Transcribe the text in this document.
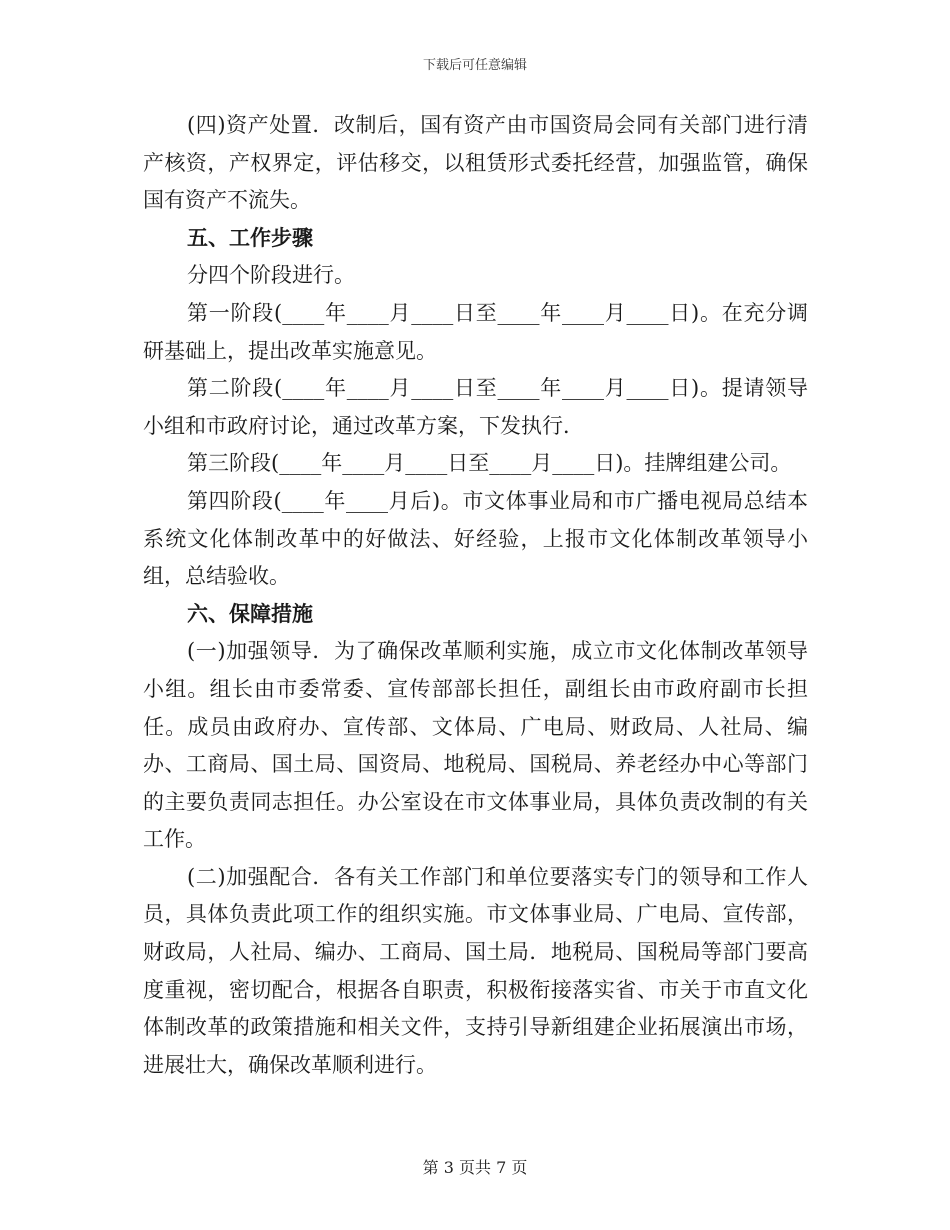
下载后可任意编辑

(四)资产处置．改制后，国有资产由市国资局会同有关部门进行清产核资，产权界定，评估移交，以租赁形式委托经营，加强监管，确保国有资产不流失。

五、工作步骤

分四个阶段进行。

第一阶段(____年____月____日至____年____月____日)。在充分调研基础上，提出改革实施意见。

第二阶段(____年____月____日至____年____月____日)。提请领导小组和市政府讨论，通过改革方案，下发执行．

第三阶段(____年____月____日至____月____日)。挂牌组建公司。

第四阶段(____年____月后)。市文体事业局和市广播电视局总结本系统文化体制改革中的好做法、好经验，上报市文化体制改革领导小组，总结验收。

六、保障措施

(一)加强领导．为了确保改革顺利实施，成立市文化体制改革领导小组。组长由市委常委、宣传部部长担任，副组长由市政府副市长担任。成员由政府办、宣传部、文体局、广电局、财政局、人社局、编办、工商局、国土局、国资局、地税局、国税局、养老经办中心等部门的主要负责同志担任。办公室设在市文体事业局，具体负责改制的有关工作。

(二)加强配合．各有关工作部门和单位要落实专门的领导和工作人员，具体负责此项工作的组织实施。市文体事业局、广电局、宣传部，财政局，人社局、编办、工商局、国土局．地税局、国税局等部门要高度重视，密切配合，根据各自职责，积极衔接落实省、市关于市直文化体制改革的政策措施和相关文件，支持引导新组建企业拓展演出市场，进展壮大，确保改革顺利进行。

第 3 页共 7 页
